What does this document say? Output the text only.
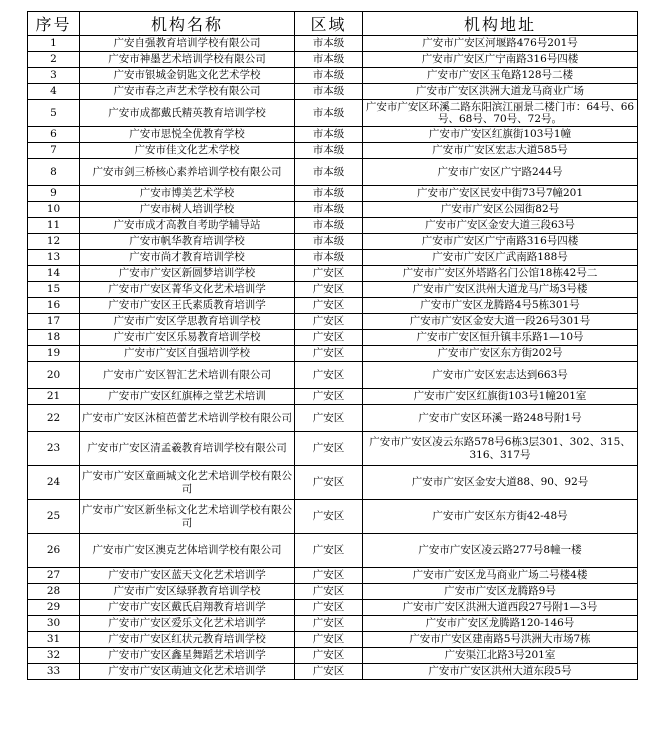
序号	机构名称	区域	机构地址
1	广安自强教育培训学校有限公司	市本级	广安市广安区河堰路476号201号
2	广安市神墨艺术培训学校有限公司	市本级	广安市广安区广宁南路316号四楼
3	广安市银城金钥匙文化艺术学校	市本级	广安市广安区玉龟路128号二楼
4	广安市春之声艺术学校有限公司	市本级	广安市广安区洪洲大道龙马商业广场
5	广安市成都戴氏精英教育培训学校	市本级	广安市广安区环溪二路东阳滨江丽景二楼门市：64号、66号、68号、70号、72号。
6	广安市思悦全优教育学校	市本级	广安市广安区红旗街103号1幢
7	广安市佳文化艺术学校	市本级	广安市广安区宏志大道585号
8	广安市剑三桥核心素养培训学校有限公司	市本级	广安市广安区广宁路244号
9	广安市博美艺术学校	市本级	广安市广安区民安中街73号7幢201
10	广安市树人培训学校	市本级	广安市广安区公园街82号
11	广安市成才高教自考助学辅导站	市本级	广安市广安区金安大道三段63号
12	广安市帆华教育培训学校	市本级	广安市广安区广宁南路316号四楼
13	广安市尚才教育培训学校	市本级	广安市广安区广武南路188号
14	广安市广安区新圆梦培训学校	广安区	广安市广安区外塔路名门公馆18栋42号二
15	广安市广安区菁华文化艺术培训学	广安区	广安市广安区洪州大道龙马广场3号楼
16	广安市广安区王氏素质教育培训学	广安区	广安市广安区龙腾路4号5栋301号
17	广安市广安区学思教育培训学校	广安区	广安市广安区金安大道一段26号301号
18	广安市广安区乐易教育培训学校	广安区	广安市广安区恒升镇丰乐路1—10号
19	广安市广安区自强培训学校	广安区	广安市广安区东方街202号
20	广安市广安区智汇艺术培训有限公司	广安区	广安市广安区宏志达到663号
21	广安市广安区红旗棒之堂艺术培训	广安区	广安市广安区红旗街103号1幢201室
22	广安市广安区沐楦芭蕾艺术培训学校有限公司	广安区	广安市广安区环溪一路248号附1号
23	广安市广安区清孟羲教育培训学校有限公司	广安区	广安市广安区凌云东路578号6栋3层301、302、315、316、317号
24	广安市广安区童画城文化艺术培训学校有限公司	广安区	广安市广安区金安大道88、90、92号
25	广安市广安区新坐标文化艺术培训学校有限公司	广安区	广安市广安区东方街42-48号
26	广安市广安区澳克艺体培训学校有限公司	广安区	广安市广安区凌云路277号8幢一楼
27	广安市广安区蓝天文化艺术培训学	广安区	广安市广安区龙马商业广场二号楼4楼
28	广安市广安区绿驿教育培训学校	广安区	广安市广安区龙腾路9号
29	广安市广安区戴氏启翔教育培训学	广安区	广安市广安区洪洲大道西段27号附1—3号
30	广安市广安区爱乐文化艺术培训学	广安区	广安市广安区龙腾路120-146号
31	广安市广安区红状元教育培训学校	广安区	广安市广安区建南路5号洪洲大市场7栋
32	广安市广安区鑫星舞蹈艺术培训学	广安区	广安渠江北路3号201室
33	广安市广安区萌迪文化艺术培训学	广安区	广安市广安区洪州大道东段5号
